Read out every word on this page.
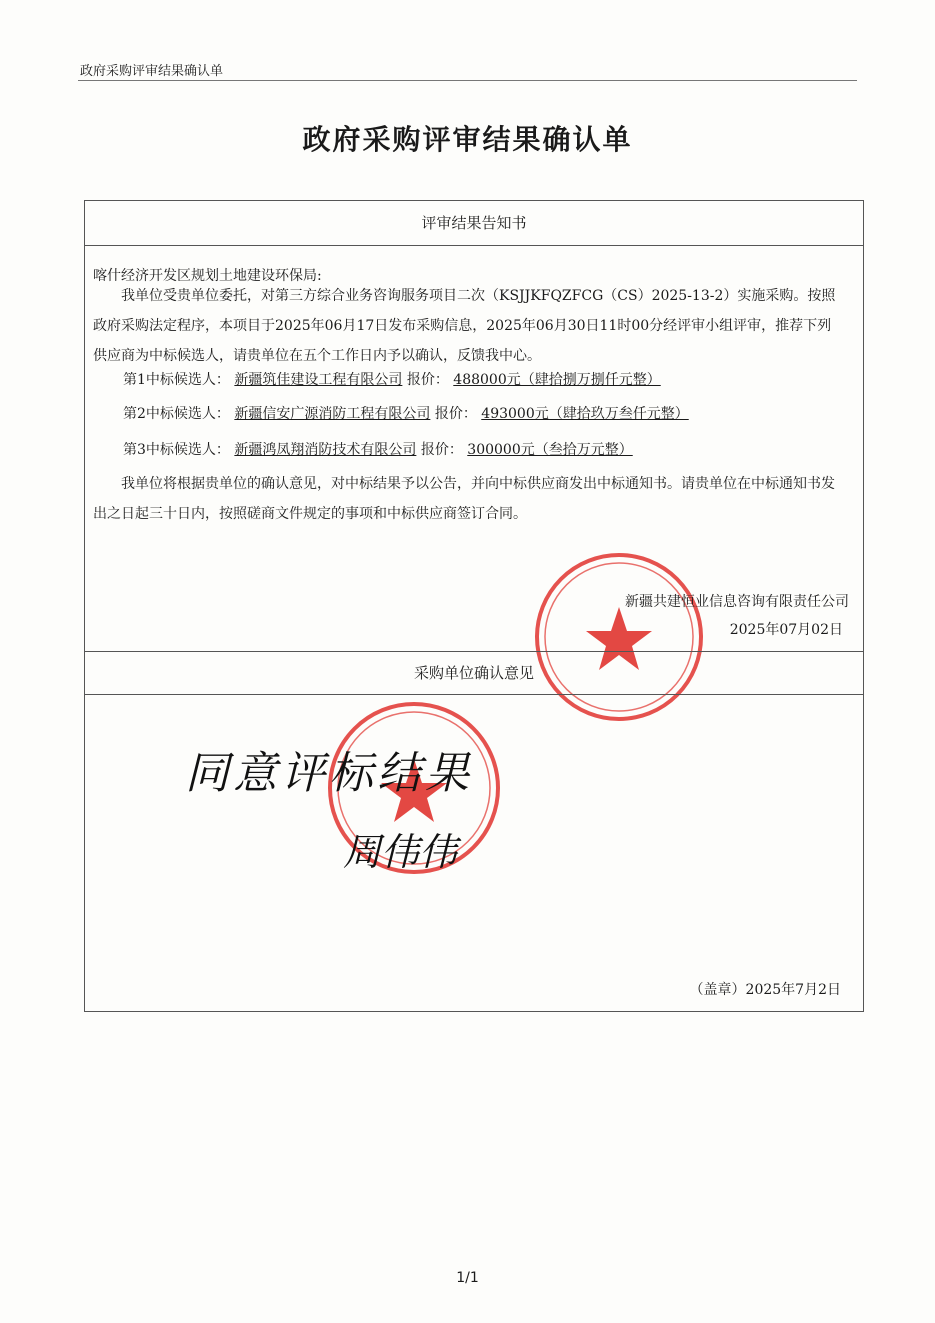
政府采购评审结果确认单
政府采购评审结果确认单
评审结果告知书
喀什经济开发区规划土地建设环保局:
我单位受贵单位委托，对第三方综合业务咨询服务项目二次（KSJJKFQZFCG（CS）2025-13-2）实施采购。按照政府采购法定程序，本项目于2025年06月17日发布采购信息，2025年06月30日11时00分经评审小组评审，推荐下列供应商为中标候选人，请贵单位在五个工作日内予以确认，反馈我中心。
第1中标候选人： 新疆筑佳建设工程有限公司 报价： 488000元（肆拾捌万捌仟元整）
第2中标候选人： 新疆信安广源消防工程有限公司 报价： 493000元（肆拾玖万叁仟元整）
第3中标候选人： 新疆鸿凤翔消防技术有限公司 报价： 300000元（叁拾万元整）
我单位将根据贵单位的确认意见，对中标结果予以公告，并向中标供应商发出中标通知书。请贵单位在中标通知书发出之日起三十日内，按照磋商文件规定的事项和中标供应商签订合同。
新疆共建恒业信息咨询有限责任公司
2025年07月02日
采购单位确认意见
同意评标结果
周伟伟
（盖章）2025年7月2日
1/1
